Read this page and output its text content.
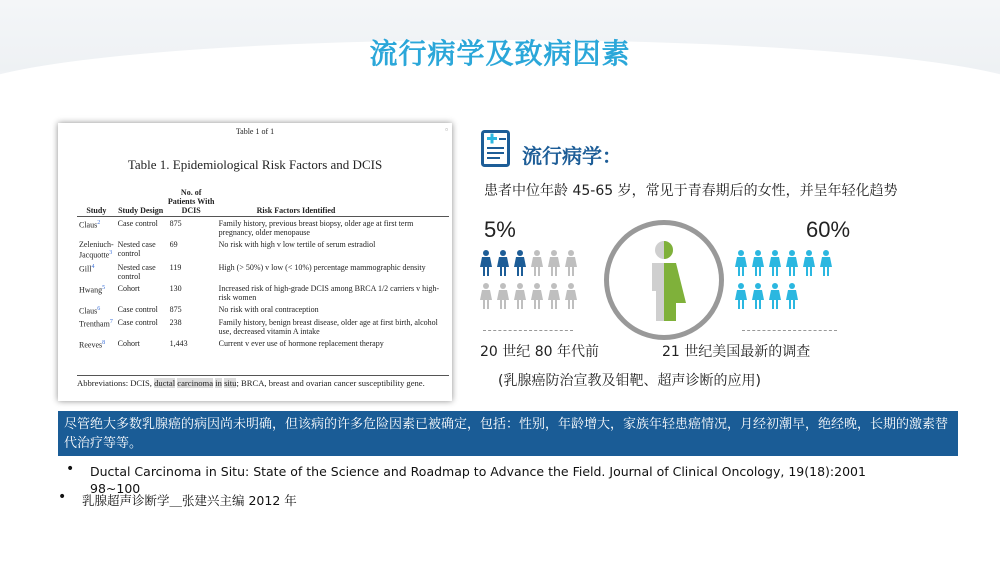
流行病学及致病因素
▫
Table 1 of 1
Table 1. Epidemiological Risk Factors and DCIS
Study	Study Design	No. of Patients With DCIS	Risk Factors Identified
Claus$^2$	Case control	875	Family history, previous breast biopsy, older age at first term pregnancy, older menopause
Zeleniuch-Jacquotte$^3$	Nested case control	69	No risk with high v low tertile of serum estradiol
Gill$^4$	Nested case control	119	High (> 50%) v low (< 10%) percentage mammographic density
Hwang$^5$	Cohort	130	Increased risk of high-grade DCIS among BRCA 1/2 carriers v high-risk women
Claus$^6$	Case control	875	No risk with oral contraception
Trentham$^7$	Case control	238	Family history, benign breast disease, older age at first birth, alcohol use, decreased vitamin A intake
Reeves$^8$	Cohort	1,443	Current v ever use of hormone replacement therapy
Abbreviations: DCIS, ductal carcinoma in situ; BRCA, breast and ovarian cancer susceptibility gene.
流行病学：
患者中位年龄 45-65 岁，常见于青春期后的女性，并呈年轻化趋势
5%	60%
20 世纪 80 年代前	21 世纪美国最新的调查
(乳腺癌防治宣教及钼靶、超声诊断的应用)
尽管绝大多数乳腺癌的病因尚未明确，但该病的许多危险因素已被确定，包括：性别，年龄增大，家族年轻患癌情况，月经初潮早，绝经晚，长期的激素替代治疗等等。
• Ductal Carcinoma in Situ: State of the Science and Roadmap to Advance the Field. Journal of Clinical Oncology, 19(18):2001 98~100
• 乳腺超声诊断学＿张建兴主编 2012 年
